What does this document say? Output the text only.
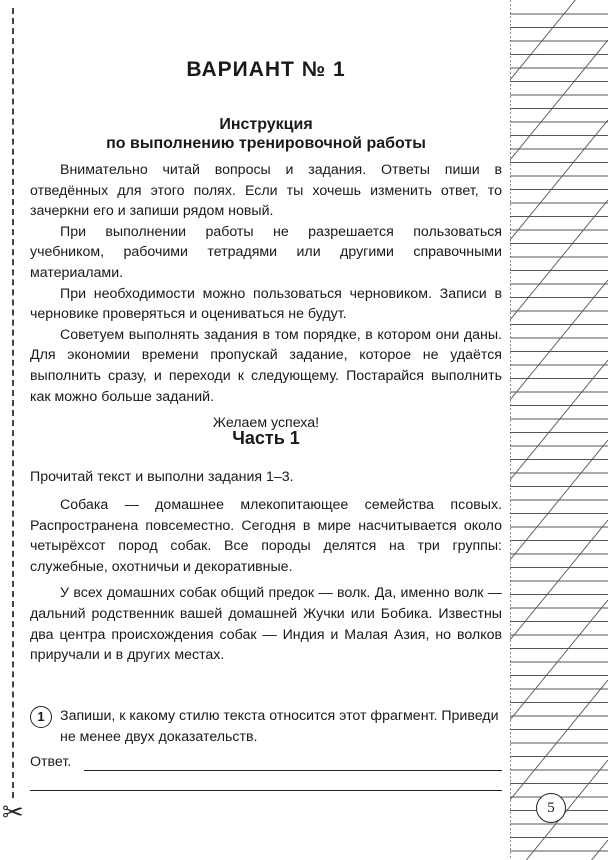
✂
ВАРИАНТ № 1
Инструкция
по выполнению тренировочной работы

Внимательно читай вопросы и задания. Ответы пиши в отведённых для этого полях. Если ты хочешь изменить ответ, то зачеркни его и запиши рядом новый.

При выполнении работы не разрешается пользоваться учебником, рабочими тетрадями или другими справочными материалами.

При необходимости можно пользоваться черновиком. Записи в черновике проверяться и оцениваться не будут.

Советуем выполнять задания в том порядке, в котором они даны. Для экономии времени пропускай задание, которое не удаётся выполнить сразу, и переходи к следующему. Постарайся выполнить как можно больше заданий.

Желаем успеха!

Часть 1
Прочитай текст и выполни задания 1–3.

Собака — домашнее млекопитающее семейства псовых. Распространена повсеместно. Сегодня в мире насчитывается около четырёхсот пород собак. Все породы делятся на три группы: служебные, охотничьи и декоративные.

У всех домашних собак общий предок — волк. Да, именно волк — дальний родственник вашей домашней Жучки или Бобика. Известны два центра происхождения собак — Индия и Малая Азия, но волков приручали и в других местах.

1	Запиши, к какому стилю текста относится этот фрагмент. Приведи не менее двух доказательств.
Ответ.
5
